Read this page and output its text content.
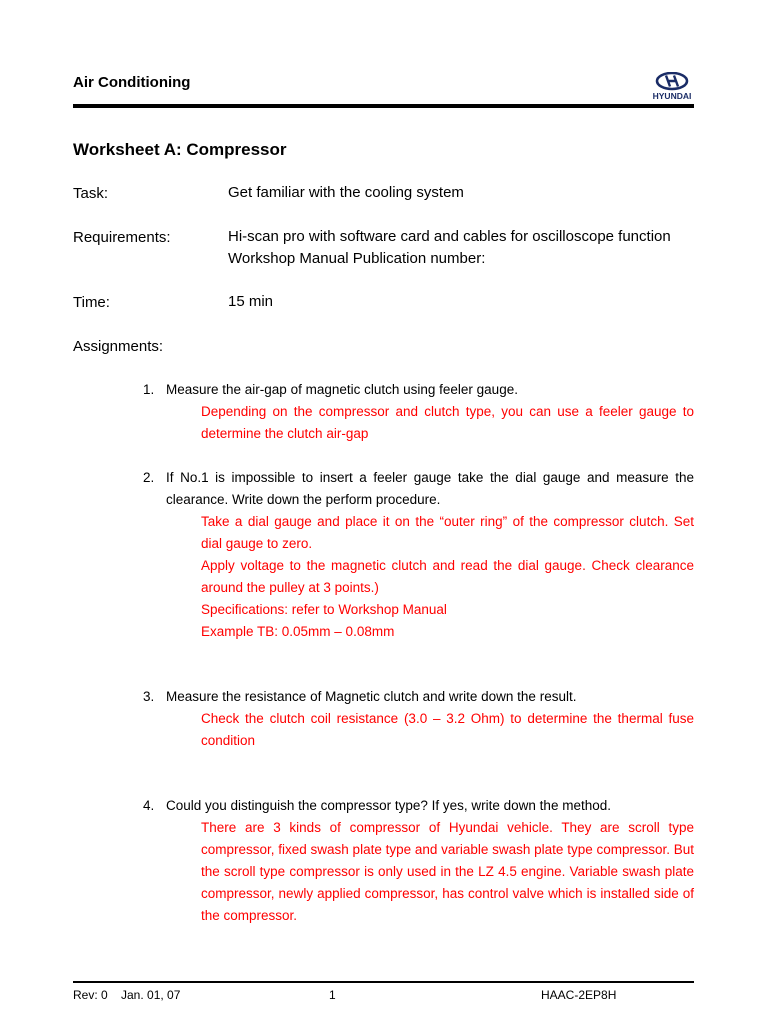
Air Conditioning
HYUNDAI
Worksheet A: Compressor
Task:	Get familiar with the cooling system
Requirements:	Hi-scan pro with software card and cables for oscilloscope function
Workshop Manual Publication number:
Time:	15 min
Assignments:
1. Measure the air-gap of magnetic clutch using feeler gauge.

Depending on the compressor and clutch type, you can use a feeler gauge to determine the clutch air-gap

2. If No.1 is impossible to insert a feeler gauge take the dial gauge and measure the clearance. Write down the perform procedure.

Take a dial gauge and place it on the “outer ring” of the compressor clutch. Set dial gauge to zero.

Apply voltage to the magnetic clutch and read the dial gauge. Check clearance around the pulley at 3 points.)

Specifications: refer to Workshop Manual

Example TB: 0.05mm – 0.08mm

3. Measure the resistance of Magnetic clutch and write down the result.

Check the clutch coil resistance (3.0 – 3.2 Ohm) to determine the thermal fuse condition

4. Could you distinguish the compressor type? If yes, write down the method.

There are 3 kinds of compressor of Hyundai vehicle. They are scroll type compressor, fixed swash plate type and variable swash plate type compressor. But the scroll type compressor is only used in the LZ 4.5 engine. Variable swash plate compressor, newly applied compressor, has control valve which is installed side of the compressor.

Rev: 0 Jan. 01, 07	1	HAAC-2EP8H
